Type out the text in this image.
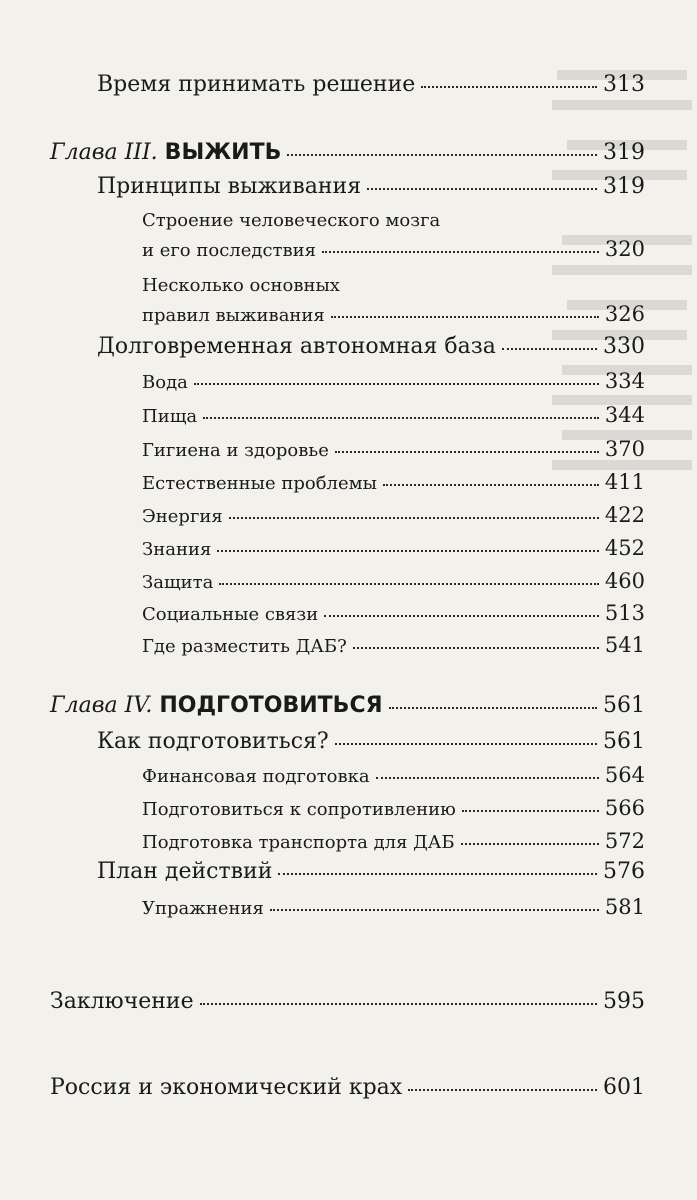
Время принимать решение	313
Глава III. ВЫЖИТЬ	319
Принципы выживания	319
Строение человеческого мозга
и его последствия	320
Несколько основных
правил выживания	326
Долговременная автономная база	330
Вода	334
Пища	344
Гигиена и здоровье	370
Естественные проблемы	411
Энергия	422
Знания	452
Защита	460
Социальные связи	513
Где разместить ДАБ?	541
Глава IV. ПОДГОТОВИТЬСЯ	561
Как подготовиться?	561
Финансовая подготовка	564
Подготовиться к сопротивлению	566
Подготовка транспорта для ДАБ	572
План действий	576
Упражнения	581
Заключение	595
Россия и экономический крах	601
